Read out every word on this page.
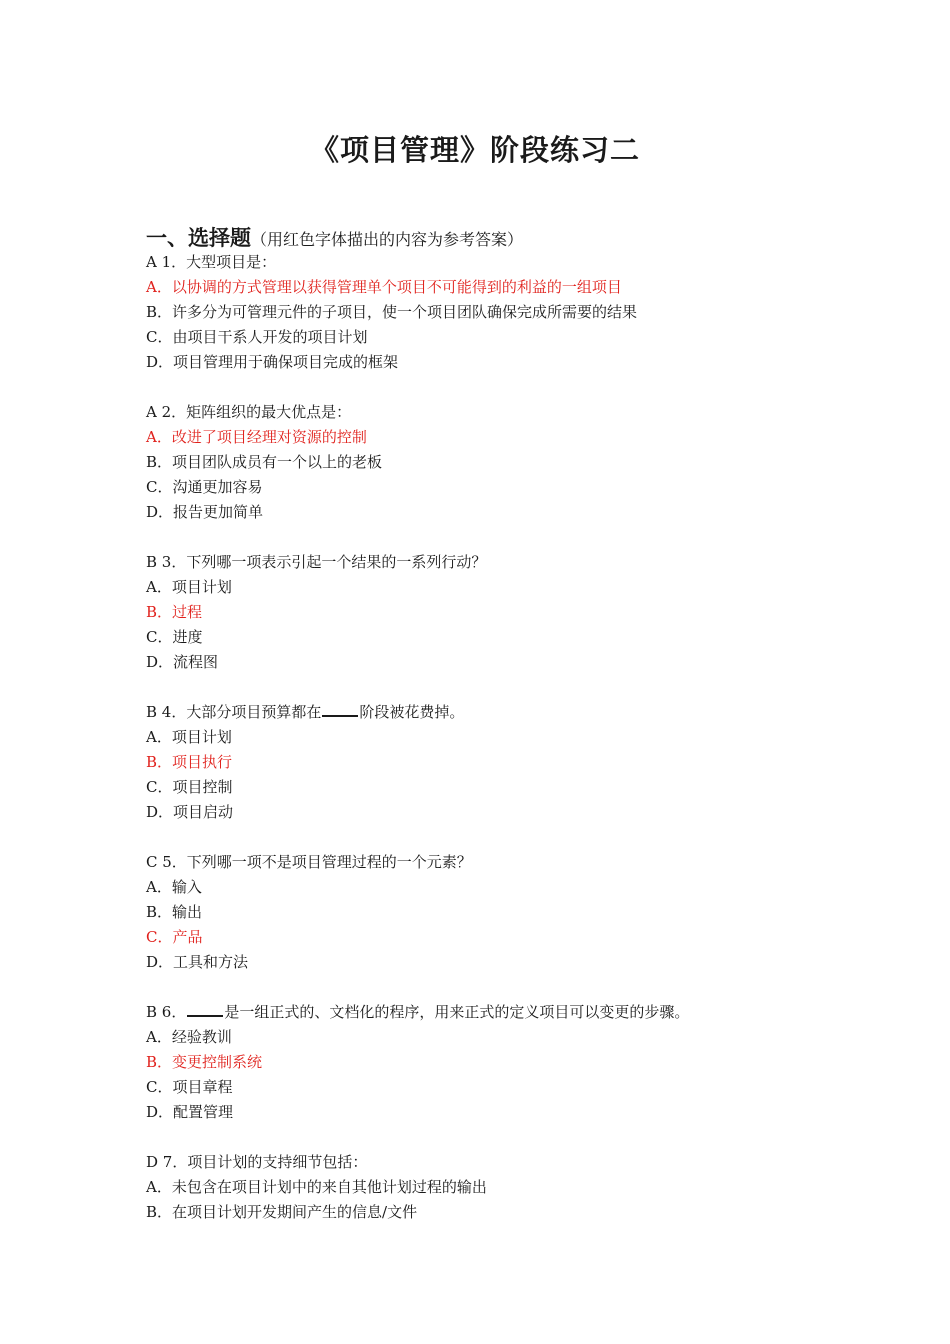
《项目管理》阶段练习二
一、选择题（用红色字体描出的内容为参考答案）
A 1．大型项目是：
A．以协调的方式管理以获得管理单个项目不可能得到的利益的一组项目
B．许多分为可管理元件的子项目，使一个项目团队确保完成所需要的结果
C．由项目干系人开发的项目计划
D．项目管理用于确保项目完成的框架
A 2．矩阵组织的最大优点是：
A．改进了项目经理对资源的控制
B．项目团队成员有一个以上的老板
C．沟通更加容易
D．报告更加简单
B 3．下列哪一项表示引起一个结果的一系列行动？
A．项目计划
B．过程
C．进度
D．流程图
B 4．大部分项目预算都在	阶段被花费掉。
A．项目计划
B．项目执行
C．项目控制
D．项目启动
C 5．下列哪一项不是项目管理过程的一个元素？
A．输入
B．输出
C．产品
D．工具和方法
B 6．	是一组正式的、文档化的程序，用来正式的定义项目可以变更的步骤。
A．经验教训
B．变更控制系统
C．项目章程
D．配置管理
D 7．项目计划的支持细节包括：
A．未包含在项目计划中的来自其他计划过程的输出
B．在项目计划开发期间产生的信息/文件
